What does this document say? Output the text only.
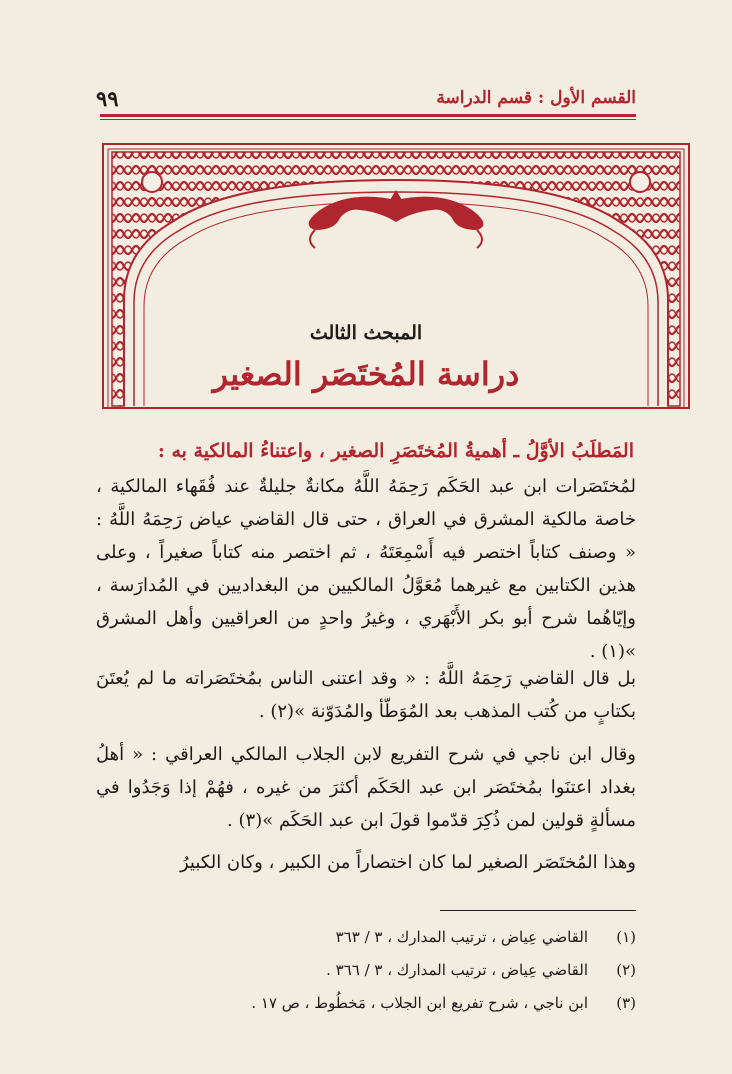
القسم الأول : قسم الدراسة
٩٩
المبحث الثالث
دراسة المُختَصَر الصغير
المَطلَبُ الأوَّلُ ـ أهميةُ المُختَصَرِ الصغير ، واعتناءُ المالكية به :

لمُختَصَرات ابن عبد الحَكَم رَحِمَهُ اللَّهُ مكانةٌ جليلةٌ عند فُقَهاء المالكية ، خاصة مالكية المشرق في العراق ، حتى قال القاضي عياض رَحِمَهُ اللَّهُ : « وصنف كتاباً اختصر فيه أَسْمِعَتَهُ ، ثم اختصر منه كتاباً صغيراً ، وعلى هذين الكتابين مع غيرهما مُعَوَّلُ المالكيين من البغداديين في المُدارَسة ، وإيّاهُما شرح أبو بكر الأَبْهَري ، وغيرُ واحدٍ من العراقيين وأهل المشرق »(١) .

بل قال القاضي رَحِمَهُ اللَّهُ : « وقد اعتنى الناس بمُختَصَراته ما لم يُعتَنَ بكتابٍ من كُتب المذهب بعد المُوَطّأ والمُدَوّنة »(٢) .

وقال ابن ناجي في شرح التفريع لابن الجلاب المالكي العراقي : « أهلُ بغداد اعتنَوا بمُختَصَر ابن عبد الحَكَم أكثرَ من غيره ، فهُمْ إذا وَجَدُوا في مسألةٍ قولين لمن ذُكِرَ قدّموا قولَ ابن عبد الحَكَم »(٣) .

وهذا المُختَصَر الصغير لما كان اختصاراً من الكبير ، وكان الكبيرُ

(١)
القاضي عِياض ، ترتيب المدارك ، ٣ / ٣٦٣
(٢)
القاضي عِياض ، ترتيب المدارك ، ٣ / ٣٦٦ .
(٣)
ابن ناجي ، شرح تفريع ابن الجلاب ، مَخطُوط ، ص ١٧ .
